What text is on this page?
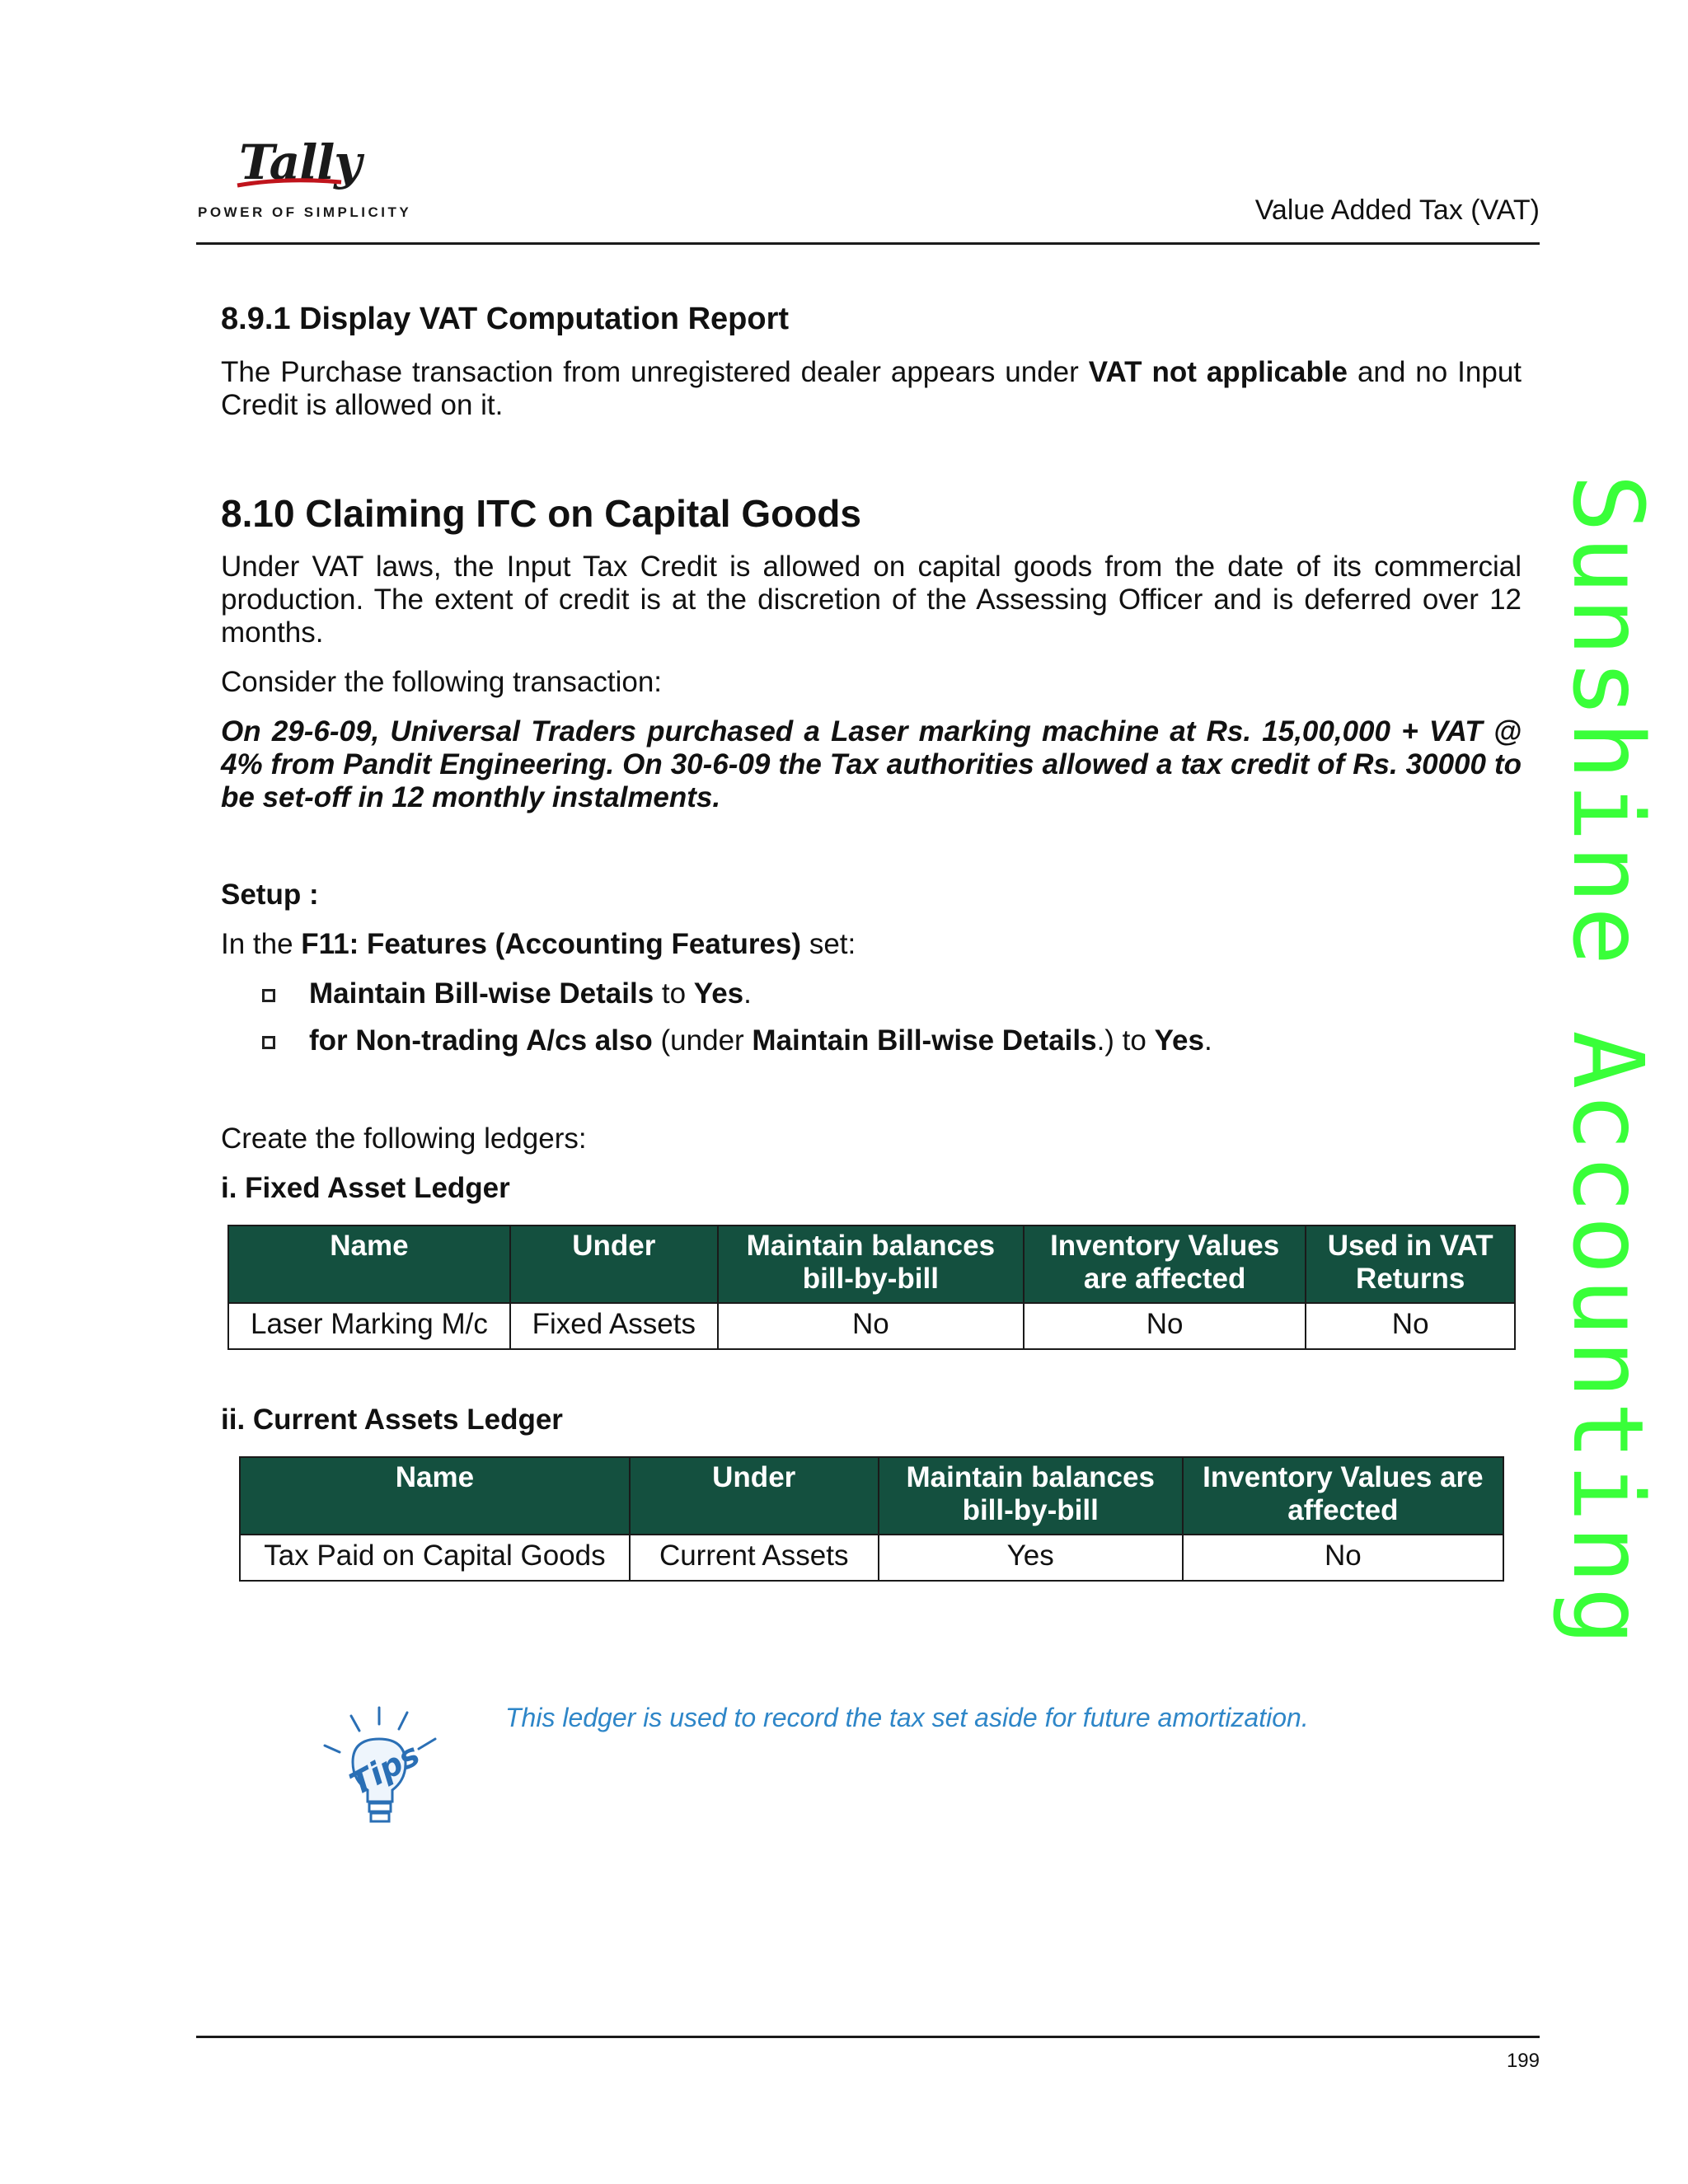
Tally
POWER OF SIMPLICITY	Value Added Tax (VAT)
8.9.1 Display VAT Computation Report
The Purchase transaction from unregistered dealer appears under VAT not applicable and no Input Credit is allowed on it.
8.10 Claiming ITC on Capital Goods
Under VAT laws, the Input Tax Credit is allowed on capital goods from the date of its commercial production. The extent of credit is at the discretion of the Assessing Officer and is deferred over 12 months.
Consider the following transaction:
On 29-6-09, Universal Traders purchased a Laser marking machine at Rs. 15,00,000 + VAT @ 4% from Pandit Engineering. On 30-6-09 the Tax authorities allowed a tax credit of Rs. 30000 to be set-off in 12 monthly instalments.
Setup :
In the F11: Features (Accounting Features) set:
Maintain Bill-wise Details to Yes.
for Non-trading A/cs also (under Maintain Bill-wise Details.) to Yes.
Create the following ledgers:
i. Fixed Asset Ledger
Name	Under	Maintain balances bill-by-bill	Inventory Values are affected	Used in VAT Returns
Laser Marking M/c	Fixed Assets	No	No	No
ii. Current Assets Ledger
Name	Under	Maintain balances bill-by-bill	Inventory Values are affected
Tax Paid on Capital Goods	Current Assets	Yes	No
Tips
This ledger is used to record the tax set aside for future amortization.
Sunshine Accounting
199
